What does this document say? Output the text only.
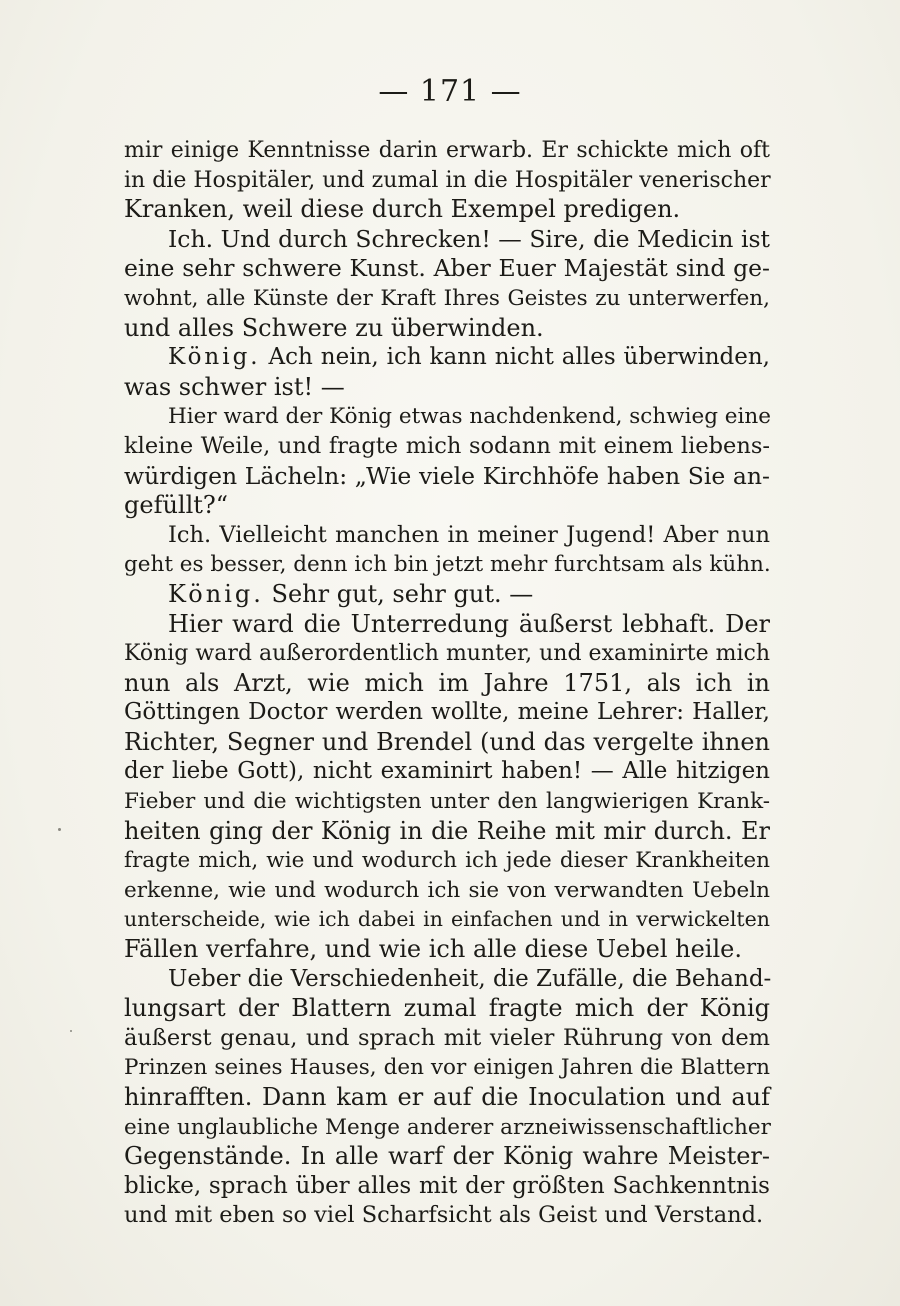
— 171 —
mir einige Kenntnisse darin erwarb. Er schickte mich oft
in die Hospitäler, und zumal in die Hospitäler venerischer
Kranken, weil diese durch Exempel predigen.
Ich. Und durch Schrecken! — Sire, die Medicin ist
eine sehr schwere Kunst. Aber Euer Majestät sind ge-
wohnt, alle Künste der Kraft Ihres Geistes zu unterwerfen,
und alles Schwere zu überwinden.
König. Ach nein, ich kann nicht alles überwinden,
was schwer ist! —
Hier ward der König etwas nachdenkend, schwieg eine
kleine Weile, und fragte mich sodann mit einem liebens-
würdigen Lächeln: „Wie viele Kirchhöfe haben Sie an-
gefüllt?“
Ich. Vielleicht manchen in meiner Jugend! Aber nun
geht es besser, denn ich bin jetzt mehr furchtsam als kühn.
König. Sehr gut, sehr gut. —
Hier ward die Unterredung äußerst lebhaft. Der
König ward außerordentlich munter, und examinirte mich
nun als Arzt, wie mich im Jahre 1751, als ich in
Göttingen Doctor werden wollte, meine Lehrer: Haller,
Richter, Segner und Brendel (und das vergelte ihnen
der liebe Gott), nicht examinirt haben! — Alle hitzigen
Fieber und die wichtigsten unter den langwierigen Krank-
heiten ging der König in die Reihe mit mir durch. Er
fragte mich, wie und wodurch ich jede dieser Krankheiten
erkenne, wie und wodurch ich sie von verwandten Uebeln
unterscheide, wie ich dabei in einfachen und in verwickelten
Fällen verfahre, und wie ich alle diese Uebel heile.
Ueber die Verschiedenheit, die Zufälle, die Behand-
lungsart der Blattern zumal fragte mich der König
äußerst genau, und sprach mit vieler Rührung von dem
Prinzen seines Hauses, den vor einigen Jahren die Blattern
hinrafften. Dann kam er auf die Inoculation und auf
eine unglaubliche Menge anderer arzneiwissenschaftlicher
Gegenstände. In alle warf der König wahre Meister-
blicke, sprach über alles mit der größten Sachkenntnis
und mit eben so viel Scharfsicht als Geist und Verstand.
